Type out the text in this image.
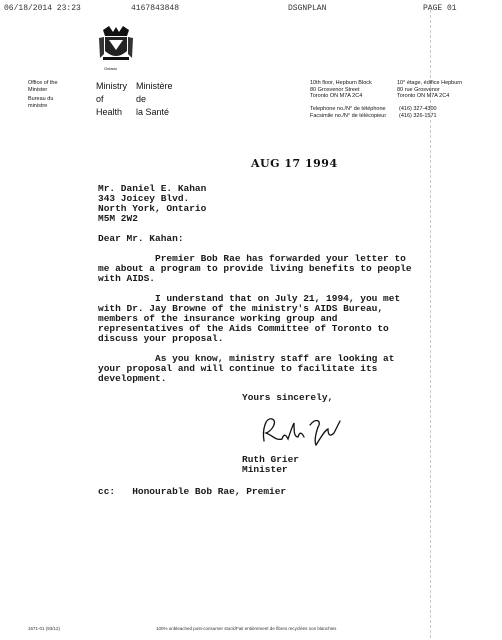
06/18/2014 23:23	4167843848	DSGNPLAN	PAGE 01
Ontario
Office of the
Minister
Bureau du
ministre
Ministry
of
Health
Ministère
de
la Santé
10th floor, Hepburn Block
80 Grosvenor Street
Toronto ON M7A 2C4
10° étage, édifice Hepburn
80 rue Grosvenor
Toronto ON M7A 2C4
Telephone no./N° de téléphone (416) 327-4300
Facsimile no./N° de télécopieur (416) 326-1571
AUG 17 1994
Mr. Daniel E. Kahan
343 Joicey Blvd.
North York, Ontario
M5M 2W2
Dear Mr. Kahan:
Premier Bob Rae has forwarded your letter to
me about a program to provide living benefits to people
with AIDS.
I understand that on July 21, 1994, you met
with Dr. Jay Browne of the ministry's AIDS Bureau,
members of the insurance working group and
representatives of the Aids Committee of Toronto to
discuss your proposal.
As you know, ministry staff are looking at
your proposal and will continue to facilitate its
development.
Yours sincerely,
Ruth Grier
Minister
cc:   Honourable Bob Rae, Premier
1671-01 (93/12)	100% unbleached post-consumer stock/Fait entièrement de fibres recyclées non blanchies
